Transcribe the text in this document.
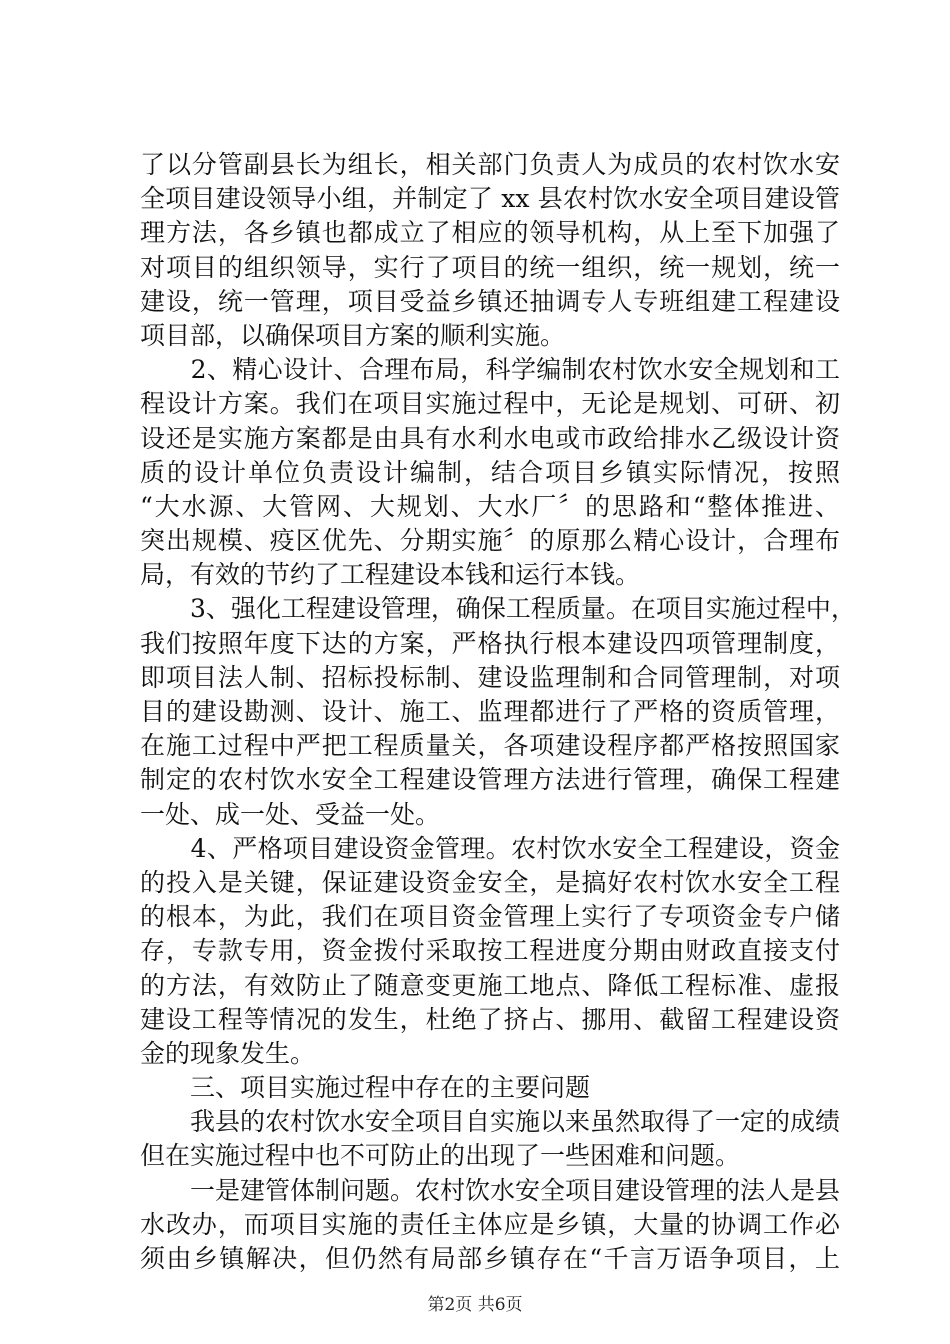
了以分管副县长为组长，相关部门负责人为成员的农村饮水安
全项目建设领导小组，并制定了 xx 县农村饮水安全项目建设管
理方法，各乡镇也都成立了相应的领导机构，从上至下加强了
对项目的组织领导，实行了项目的统一组织，统一规划，统一
建设，统一管理，项目受益乡镇还抽调专人专班组建工程建设
项目部，以确保项目方案的顺利实施。
　　2、精心设计、合理布局，科学编制农村饮水安全规划和工
程设计方案。我们在项目实施过程中，无论是规划、可研、初
设还是实施方案都是由具有水利水电或市政给排水乙级设计资
质的设计单位负责设计编制，结合项目乡镇实际情况，按照
“大水源、大管网、大规划、大水厂〞的思路和“整体推进、
突出规模、疫区优先、分期实施〞的原那么精心设计，合理布
局，有效的节约了工程建设本钱和运行本钱。
　　3、强化工程建设管理，确保工程质量。在项目实施过程中，
我们按照年度下达的方案，严格执行根本建设四项管理制度，
即项目法人制、招标投标制、建设监理制和合同管理制，对项
目的建设勘测、设计、施工、监理都进行了严格的资质管理，
在施工过程中严把工程质量关，各项建设程序都严格按照国家
制定的农村饮水安全工程建设管理方法进行管理，确保工程建
一处、成一处、受益一处。
　　4、严格项目建设资金管理。农村饮水安全工程建设，资金
的投入是关键，保证建设资金安全，是搞好农村饮水安全工程
的根本，为此，我们在项目资金管理上实行了专项资金专户储
存，专款专用，资金拨付采取按工程进度分期由财政直接支付
的方法，有效防止了随意变更施工地点、降低工程标准、虚报
建设工程等情况的发生，杜绝了挤占、挪用、截留工程建设资
金的现象发生。
　　三、项目实施过程中存在的主要问题
　　我县的农村饮水安全项目自实施以来虽然取得了一定的成绩
但在实施过程中也不可防止的出现了一些困难和问题。
　　一是建管体制问题。农村饮水安全项目建设管理的法人是县
水改办，而项目实施的责任主体应是乡镇，大量的协调工作必
须由乡镇解决，但仍然有局部乡镇存在“千言万语争项目，上
第2页 共6页
